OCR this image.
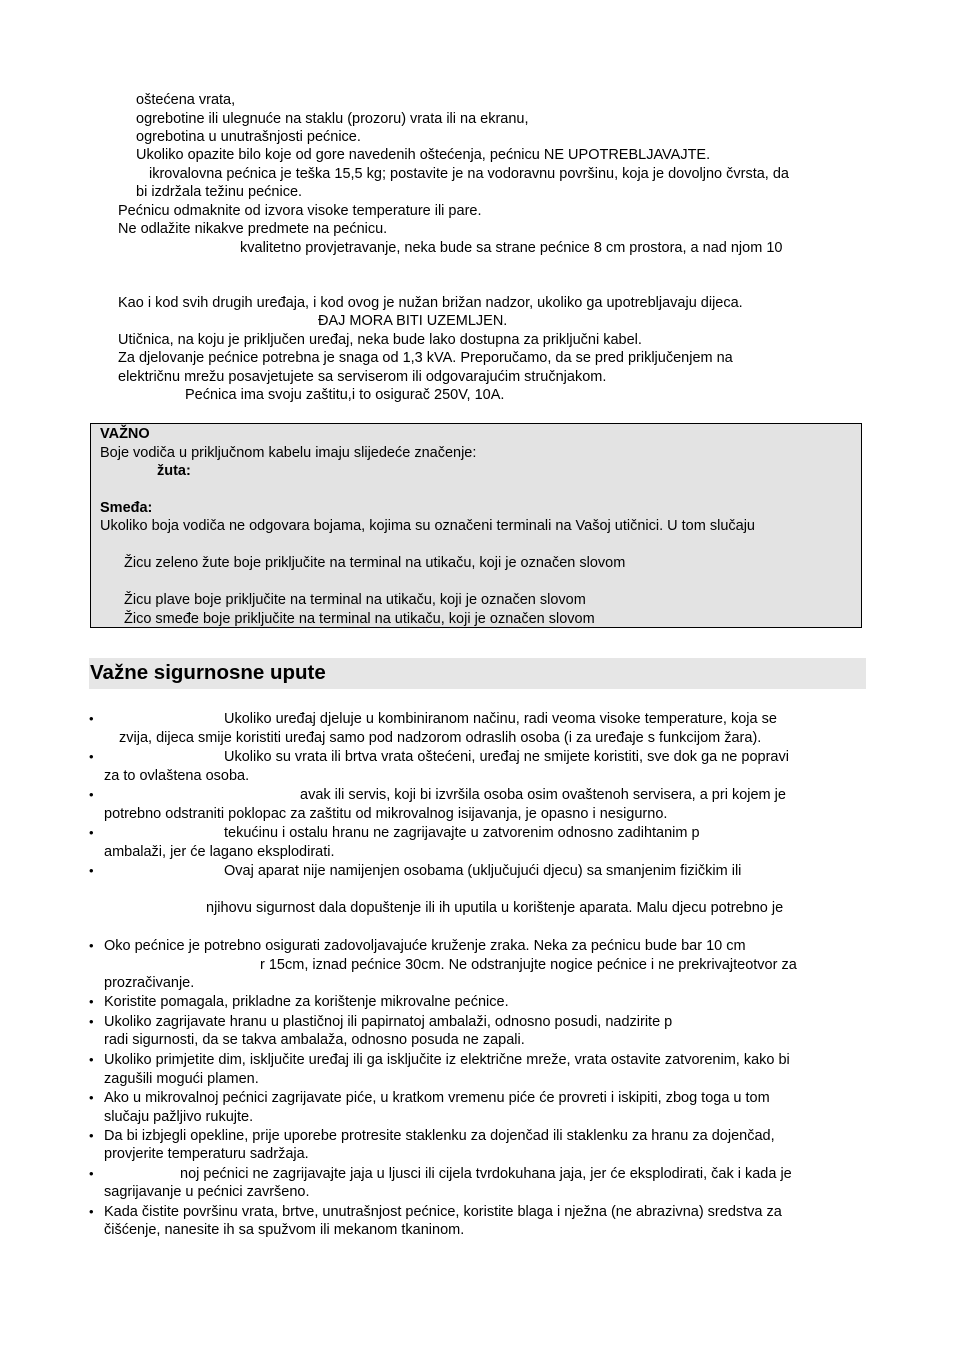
oštećena vrata,
ogrebotine ili ulegnuće na staklu (prozoru) vrata ili na ekranu,
ogrebotina u unutrašnjosti pećnice.
Ukoliko opazite bilo koje od gore navedenih oštećenja, pećnicu NE UPOTREBLJAVAJTE.
ikrovalovna pećnica je teška 15,5 kg; postavite je na vodoravnu površinu, koja je dovoljno čvrsta, da
bi izdržala težinu pećnice.
Pećnicu odmaknite od izvora visoke temperature ili pare.
Ne odlažite nikakve predmete na pećnicu.
kvalitetno provjetravanje, neka bude sa strane pećnice 8 cm prostora, a nad njom 10
Kao i kod svih drugih uređaja, i kod ovog je nužan brižan nadzor, ukoliko ga upotrebljavaju dijeca.
ĐAJ MORA BITI UZEMLJEN.
Utičnica, na koju je priključen uređaj, neka bude lako dostupna za priključni kabel.
Za djelovanje pećnice potrebna je snaga od 1,3 kVA. Preporučamo, da se pred priključenjem na
električnu mrežu posavjetujete sa serviserom ili odgovarajućim stručnjakom.
Pećnica ima svoju zaštitu,i to osigurač 250V, 10A.
VAŽNO
Boje vodiča u priključnom kabelu imaju slijedeće značenje:
žuta:
Smeđa:
Ukoliko boja vodiča ne odgovara bojama, kojima su označeni terminali na Vašoj utičnici. U tom slučaju
Žicu zeleno žute boje priključite na terminal na utikaču, koji je označen slovom
Žicu plave boje priključite na terminal na utikaču, koji je označen slovom
Žico smeđe boje priključite na terminal na utikaču, koji je označen slovom
Važne sigurnosne upute
•	Ukoliko uređaj djeluje u kombiniranom načinu, radi veoma visoke temperature, koja se
zvija, dijeca smije koristiti uređaj samo pod nadzorom odraslih osoba (i za uređaje s funkcijom žara).
•	Ukoliko su vrata ili brtva vrata oštećeni, uređaj ne smijete koristiti, sve dok ga ne popravi
za to ovlaštena osoba.
•	avak ili servis, koji bi izvršila osoba osim ovaštenoh servisera, a pri kojem je
potrebno odstraniti poklopac za zaštitu od mikrovalnog isijavanja, je opasno i nesigurno.
•	tekućinu i ostalu hranu ne zagrijavajte u zatvorenim odnosno zadihtanim p
ambalaži, jer će lagano eksplodirati.
•	Ovaj aparat nije namijenjen osobama (uključujući djecu) sa smanjenim fizičkim ili
njihovu sigurnost dala dopuštenje ili ih uputila u korištenje aparata. Malu djecu potrebno je
• Oko pećnice je potrebno osigurati zadovoljavajuće kruženje zraka. Neka za pećnicu bude bar 10 cm
r 15cm, iznad pećnice 30cm. Ne odstranjujte nogice pećnice i ne prekrivajteotvor za
prozračivanje.
• Koristite pomagala, prikladne za korištenje mikrovalne pećnice.
• Ukoliko zagrijavate hranu u plastičnoj ili papirnatoj ambalaži, odnosno posudi, nadzirite p
radi sigurnosti, da se takva ambalaža, odnosno posuda ne zapali.
• Ukoliko primjetite dim, isključite uređaj ili ga isključite iz električne mreže, vrata ostavite zatvorenim, kako bi
zagušili mogući plamen.
• Ako u mikrovalnoj pećnici zagrijavate piće, u kratkom vremenu piće će provreti i iskipiti, zbog toga u tom
slučaju pažljivo rukujte.
• Da bi izbjegli opekline, prije uporebe protresite staklenku za dojenčad ili staklenku za hranu za dojenčad,
provjerite temperaturu sadržaja.
•	noj pećnici ne zagrijavajte jaja u ljusci ili cijela tvrdokuhana jaja, jer će eksplodirati, čak i kada je
sagrijavanje u pećnici završeno.
• Kada čistite površinu vrata, brtve, unutrašnjost pećnice, koristite blaga i nježna (ne abrazivna) sredstva za
čišćenje, nanesite ih sa spužvom ili mekanom tkaninom.
